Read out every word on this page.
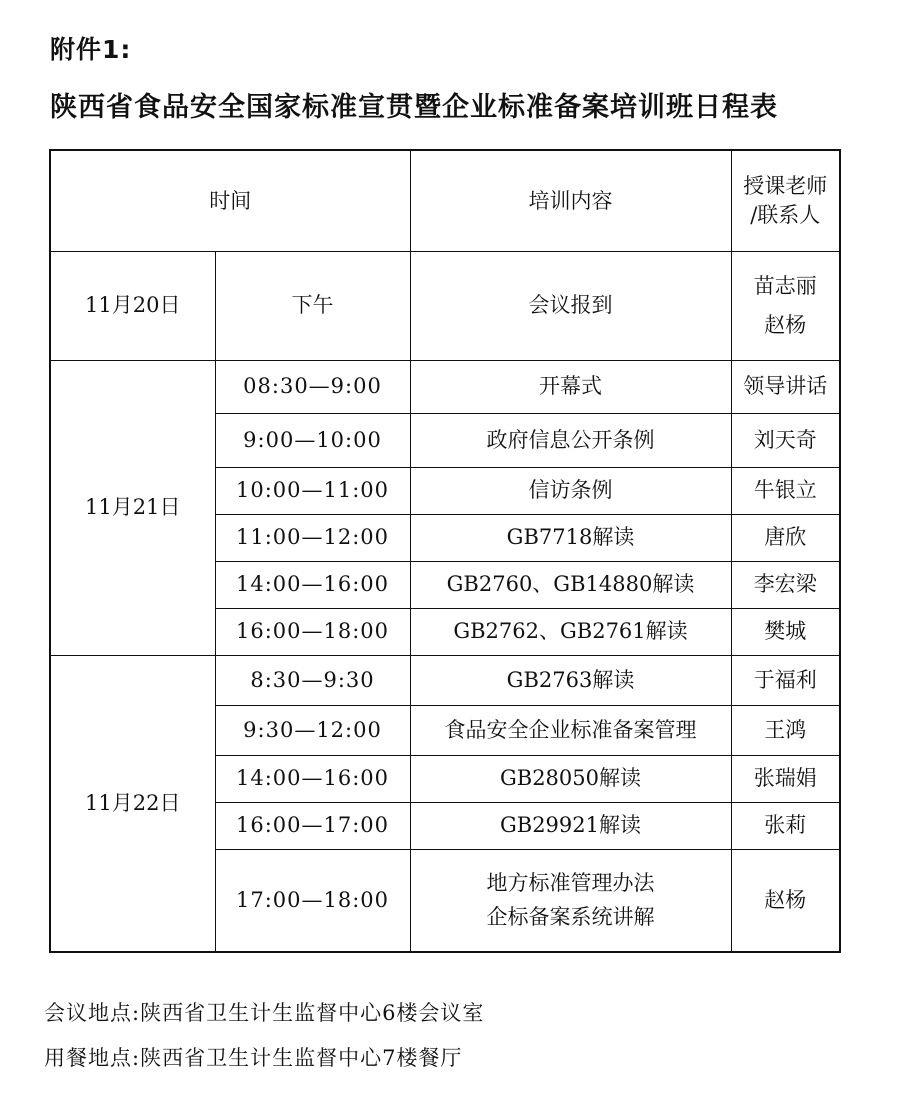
附件1:
陕西省食品安全国家标准宣贯暨企业标准备案培训班日程表
时间		培训内容	授课老师
/联系人

11月20日	下午	会议报到	苗志丽
赵杨

11月21日	08:30—9:00	开幕式	领导讲话
	9:00—10:00	政府信息公开条例	刘天奇
	10:00—11:00	信访条例	牛银立
	11:00—12:00	GB7718解读	唐欣
	14:00—16:00	GB2760、GB14880解读	李宏梁
	16:00—18:00	GB2762、GB2761解读	樊城
11月22日	8:30—9:30	GB2763解读	于福利
	9:30—12:00	食品安全企业标准备案管理	王鸿
	14:00—16:00	GB28050解读	张瑞娟
	16:00—17:00	GB29921解读	张莉
	17:00—18:00	地方标准管理办法
企标备案系统讲解	赵杨
会议地点:陕西省卫生计生监督中心6楼会议室
用餐地点:陕西省卫生计生监督中心7楼餐厅
